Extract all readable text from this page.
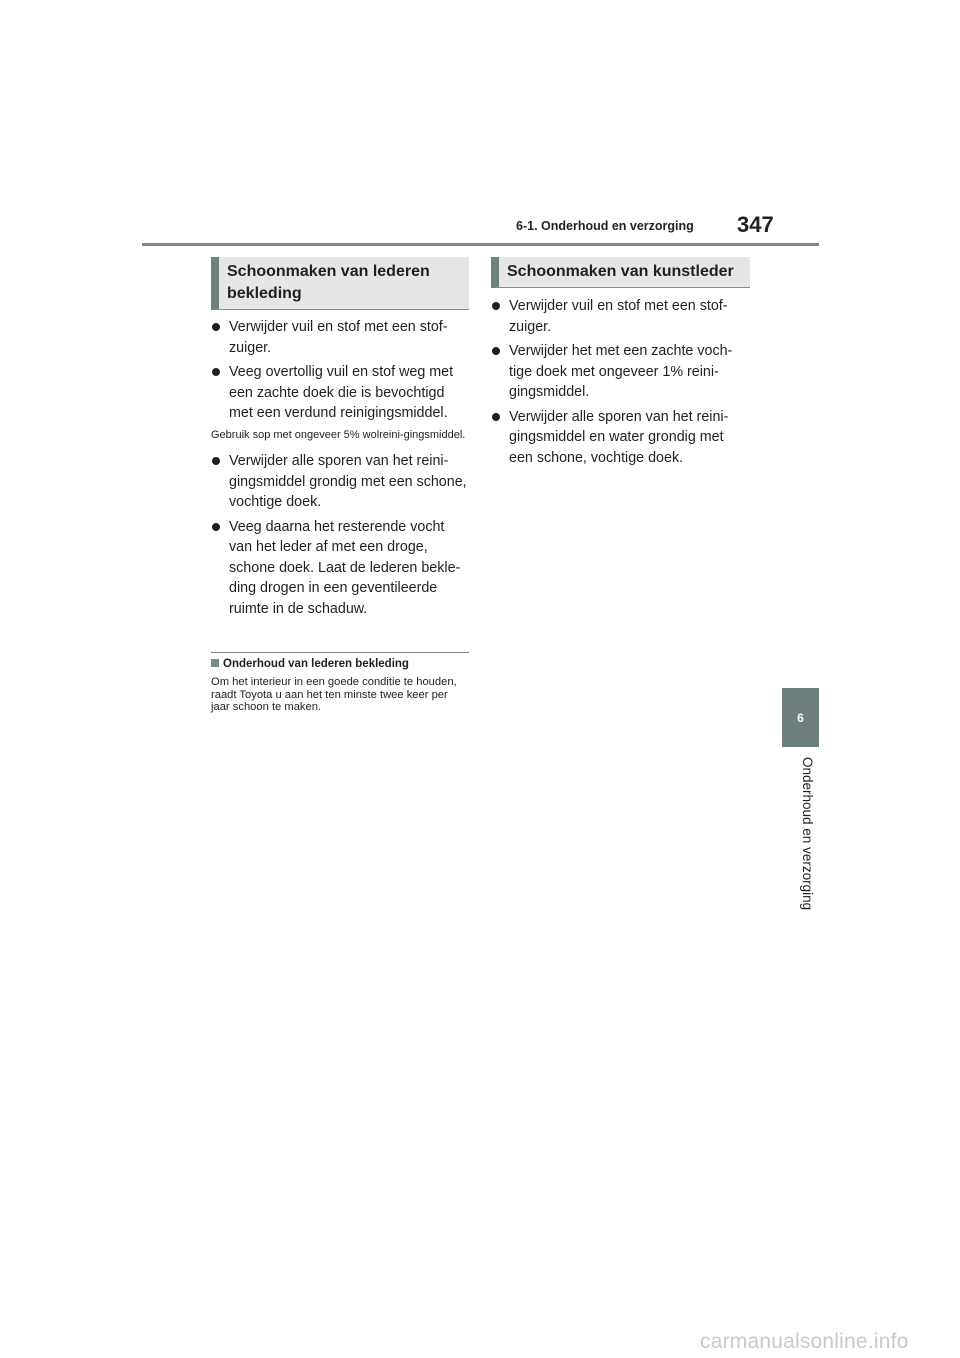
6-1. Onderhoud en verzorging 347
Schoonmaken van lederen bekleding
Schoonmaken van kunstleder
Verwijder vuil en stof met een stof-zuiger.
Veeg overtollig vuil en stof weg met een zachte doek die is bevochtigd met een verdund reinigingsmiddel.
Gebruik sop met ongeveer 5% wolreini-gingsmiddel.
Verwijder alle sporen van het reini-gingsmiddel grondig met een schone, vochtige doek.
Veeg daarna het resterende vocht van het leder af met een droge, schone doek. Laat de lederen bekle-ding drogen in een geventileerde ruimte in de schaduw.
Onderhoud van lederen bekleding
Om het interieur in een goede conditie te houden, raadt Toyota u aan het ten minste twee keer per jaar schoon te maken.
Verwijder vuil en stof met een stof-zuiger.
Verwijder het met een zachte voch-tige doek met ongeveer 1% reini-gingsmiddel.
Verwijder alle sporen van het reini-gingsmiddel en water grondig met een schone, vochtige doek.
6
Onderhoud en verzorging
carmanualsonline.info
